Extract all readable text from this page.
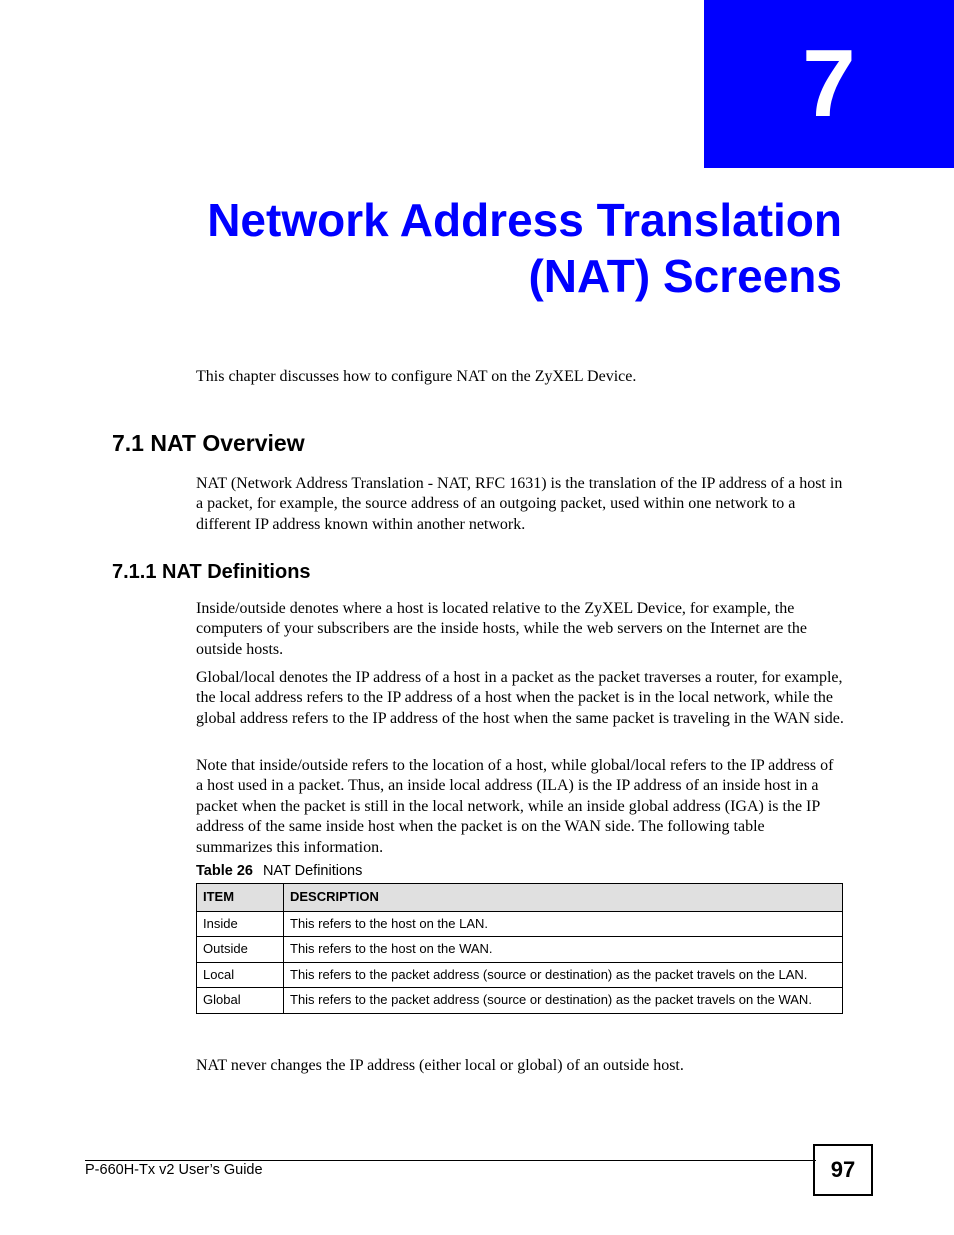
7
Network Address Translation
(NAT) Screens

This chapter discusses how to configure NAT on the ZyXEL Device.

7.1 NAT Overview

NAT (Network Address Translation - NAT, RFC 1631) is the translation of the IP address of a host in a packet, for example, the source address of an outgoing packet, used within one network to a different IP address known within another network.

7.1.1 NAT Definitions

Inside/outside denotes where a host is located relative to the ZyXEL Device, for example, the computers of your subscribers are the inside hosts, while the web servers on the Internet are the outside hosts.

Global/local denotes the IP address of a host in a packet as the packet traverses a router, for example, the local address refers to the IP address of a host when the packet is in the local network, while the global address refers to the IP address of the host when the same packet is traveling in the WAN side.

Note that inside/outside refers to the location of a host, while global/local refers to the IP address of a host used in a packet. Thus, an inside local address (ILA) is the IP address of an inside host in a packet when the packet is still in the local network, while an inside global address (IGA) is the IP address of the same inside host when the packet is on the WAN side. The following table summarizes this information.

Table 26 NAT Definitions
ITEM	DESCRIPTION
Inside	This refers to the host on the LAN.
Outside	This refers to the host on the WAN.
Local	This refers to the packet address (source or destination) as the packet travels on the LAN.
Global	This refers to the packet address (source or destination) as the packet travels on the WAN.

NAT never changes the IP address (either local or global) of an outside host.

P-660H-Tx v2 User’s Guide	97
